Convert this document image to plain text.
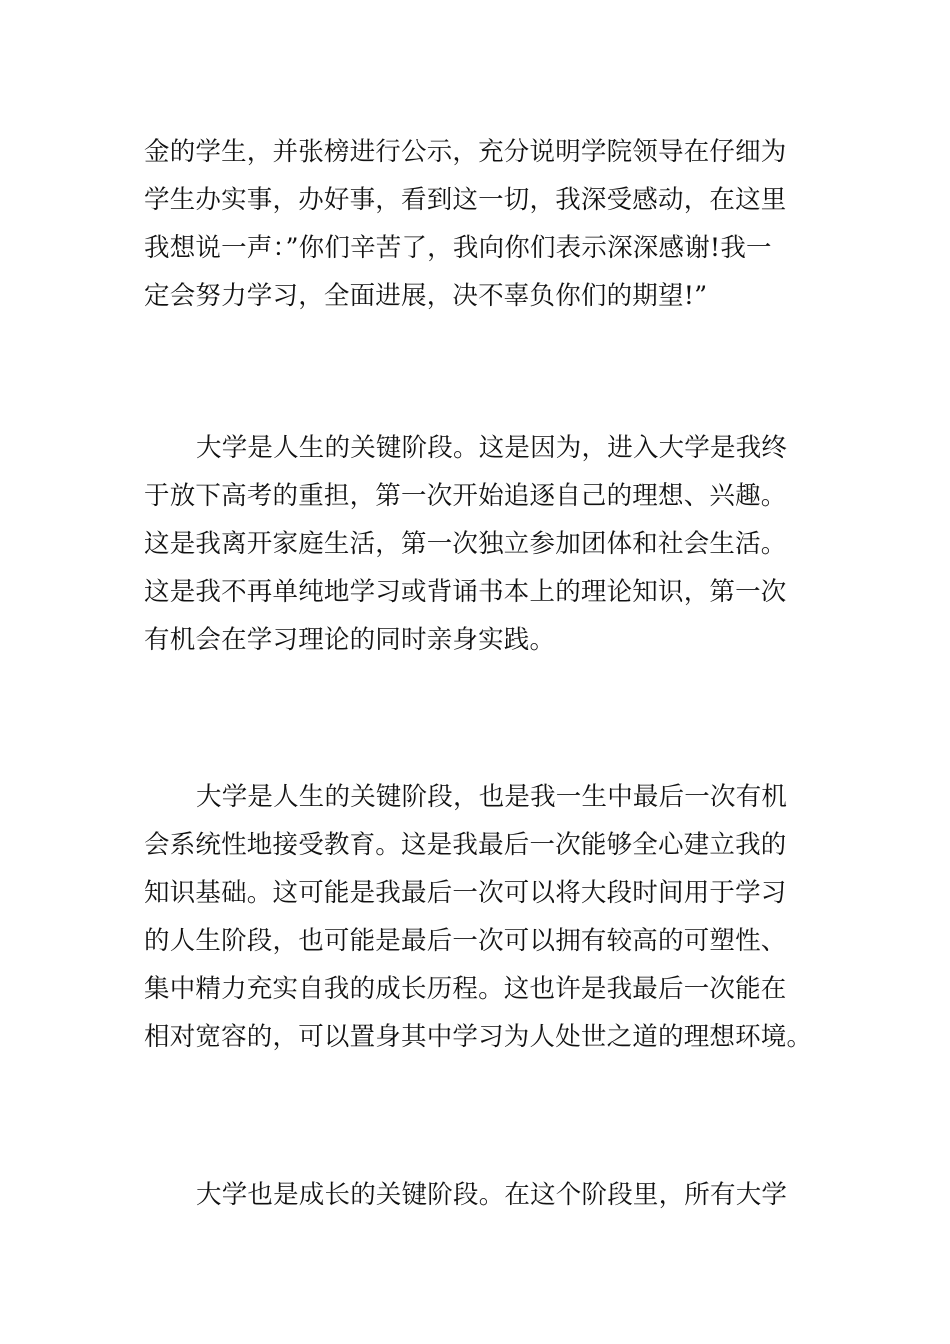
金的学生，并张榜进行公示，充分说明学院领导在仔细为
学生办实事，办好事，看到这一切，我深受感动，在这里
我想说一声：”你们辛苦了，我向你们表示深深感谢!我一
定会努力学习，全面进展，决不辜负你们的期望!”

大学是人生的关键阶段。这是因为，进入大学是我终
于放下高考的重担，第一次开始追逐自己的理想、兴趣。
这是我离开家庭生活，第一次独立参加团体和社会生活。
这是我不再单纯地学习或背诵书本上的理论知识，第一次
有机会在学习理论的同时亲身实践。

大学是人生的关键阶段，也是我一生中最后一次有机
会系统性地接受教育。这是我最后一次能够全心建立我的
知识基础。这可能是我最后一次可以将大段时间用于学习
的人生阶段，也可能是最后一次可以拥有较高的可塑性、
集中精力充实自我的成长历程。这也许是我最后一次能在
相对宽容的，可以置身其中学习为人处世之道的理想环境。

大学也是成长的关键阶段。在这个阶段里，所有大学
